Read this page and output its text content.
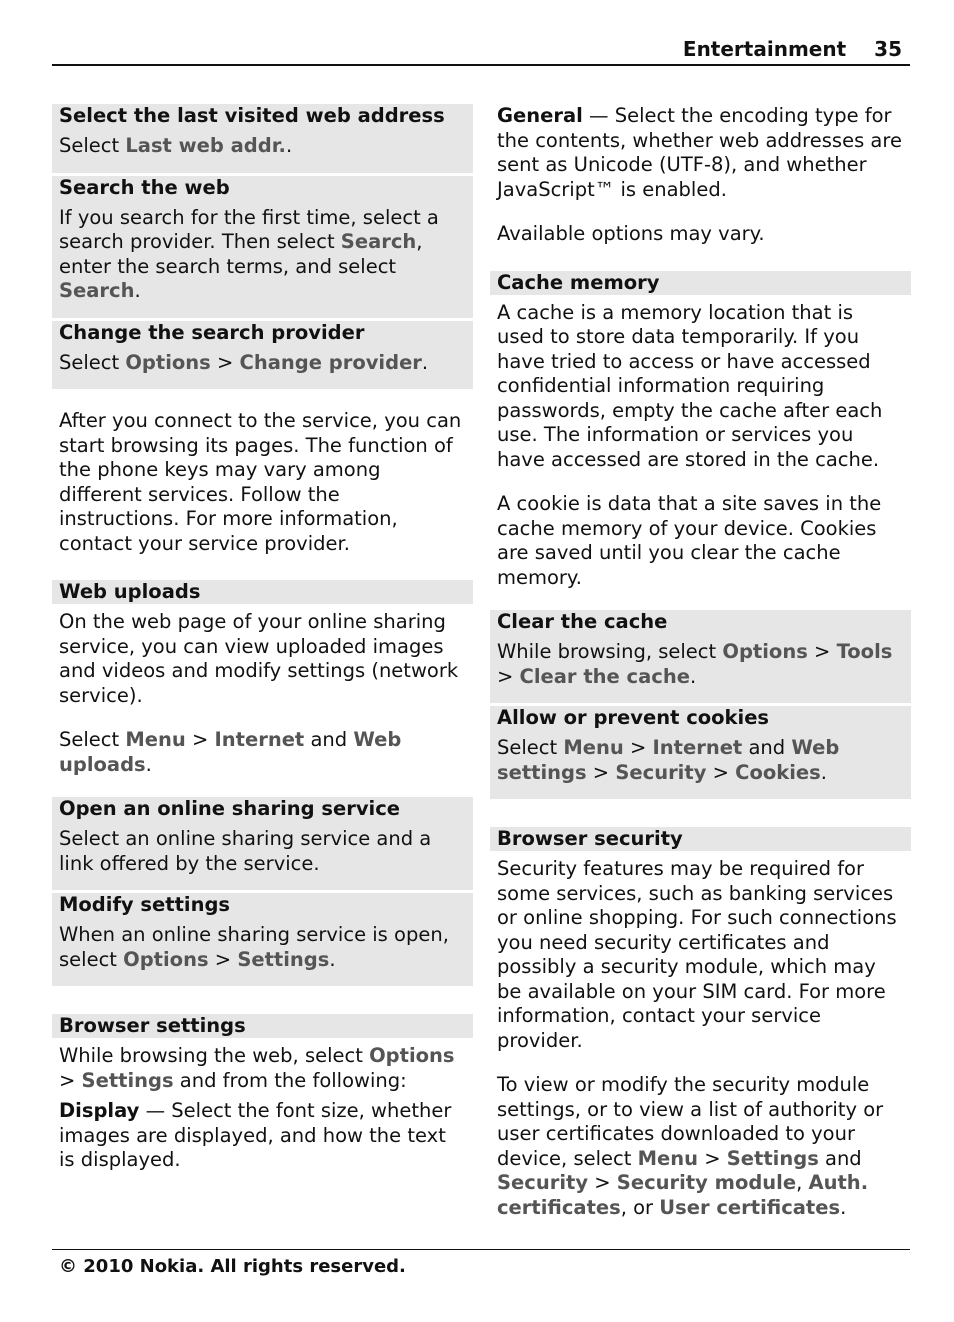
Entertainment 35
Select the last visited web address

Select Last web addr..

Search the web

If you search for the first time, select a search provider. Then select Search, enter the search terms, and select Search.

Change the search provider

Select Options > Change provider.

After you connect to the service, you can start browsing its pages. The function of the phone keys may vary among different services. Follow the instructions. For more information, contact your service provider.

Web uploads

On the web page of your online sharing service, you can view uploaded images and videos and modify settings (network service).

Select Menu > Internet and Web uploads.

Open an online sharing service

Select an online sharing service and a link offered by the service.

Modify settings

When an online sharing service is open, select Options > Settings.

Browser settings

While browsing the web, select Options > Settings and from the following:

Display — Select the font size, whether images are displayed, and how the text is displayed.

General — Select the encoding type for the contents, whether web addresses are sent as Unicode (UTF-8), and whether JavaScript™ is enabled.

Available options may vary.

Cache memory

A cache is a memory location that is used to store data temporarily. If you have tried to access or have accessed confidential information requiring passwords, empty the cache after each use. The information or services you have accessed are stored in the cache.

A cookie is data that a site saves in the cache memory of your device. Cookies are saved until you clear the cache memory.

Clear the cache

While browsing, select Options > Tools > Clear the cache.

Allow or prevent cookies

Select Menu > Internet and Web settings > Security > Cookies.

Browser security

Security features may be required for some services, such as banking services or online shopping. For such connections you need security certificates and possibly a security module, which may be available on your SIM card. For more information, contact your service provider.

To view or modify the security module settings, or to view a list of authority or user certificates downloaded to your device, select Menu > Settings and Security > Security module, Auth. certificates, or User certificates.

© 2010 Nokia. All rights reserved.
